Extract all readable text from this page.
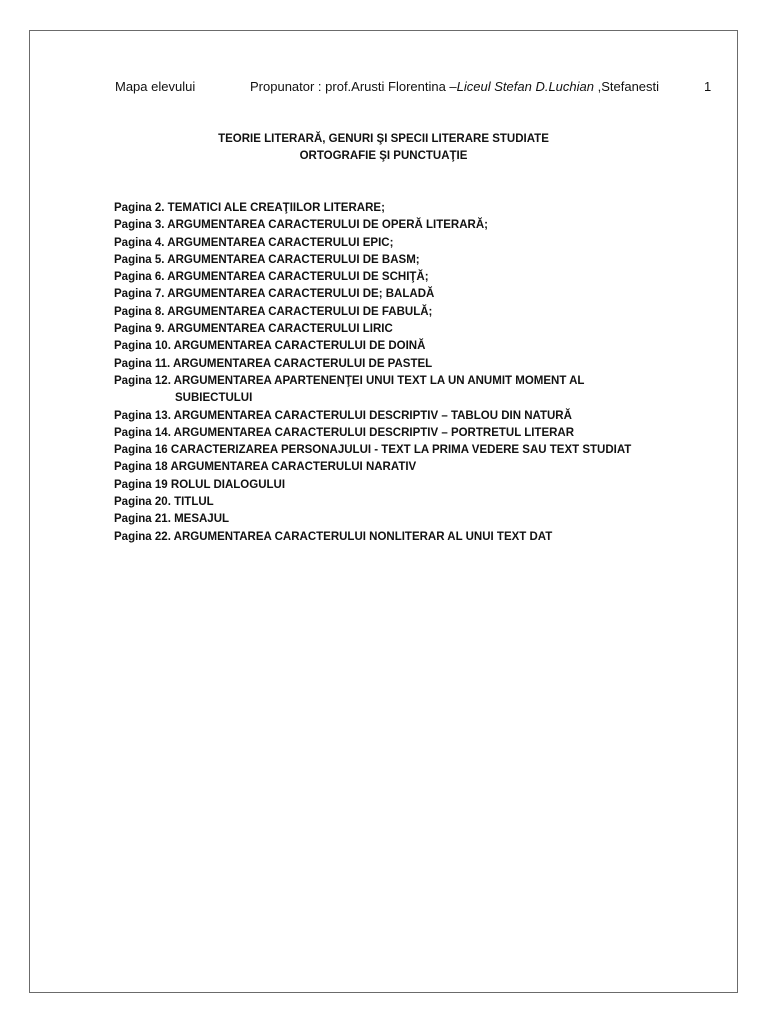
Mapa elevului	Propunator : prof.Arusti Florentina –Liceul Stefan D.Luchian ,Stefanesti	1
TEORIE LITERARĂ, GENURI ŞI SPECII LITERARE STUDIATE
ORTOGRAFIE ŞI PUNCTUAŢIE
Pagina 2. TEMATICI ALE CREAŢIILOR LITERARE;
Pagina 3. ARGUMENTAREA CARACTERULUI DE OPERĂ LITERARĂ;
Pagina 4. ARGUMENTAREA CARACTERULUI EPIC;
Pagina 5. ARGUMENTAREA CARACTERULUI DE BASM;
Pagina 6. ARGUMENTAREA CARACTERULUI DE SCHIŢĂ;
Pagina 7. ARGUMENTAREA CARACTERULUI DE; BALADĂ
Pagina 8. ARGUMENTAREA CARACTERULUI DE FABULĂ;
Pagina 9. ARGUMENTAREA CARACTERULUI LIRIC
Pagina 10. ARGUMENTAREA CARACTERULUI DE DOINĂ
Pagina 11. ARGUMENTAREA CARACTERULUI DE PASTEL
Pagina 12. ARGUMENTAREA APARTENENŢEI UNUI TEXT LA UN ANUMIT MOMENT AL
SUBIECTULUI
Pagina 13. ARGUMENTAREA CARACTERULUI DESCRIPTIV – TABLOU DIN NATURĂ
Pagina 14. ARGUMENTAREA CARACTERULUI DESCRIPTIV – PORTRETUL LITERAR
Pagina 16 CARACTERIZAREA PERSONAJULUI - TEXT LA PRIMA VEDERE SAU TEXT STUDIAT
Pagina 18 ARGUMENTAREA CARACTERULUI NARATIV
Pagina 19 ROLUL DIALOGULUI
Pagina 20. TITLUL
Pagina 21. MESAJUL
Pagina 22. ARGUMENTAREA CARACTERULUI NONLITERAR AL UNUI TEXT DAT
